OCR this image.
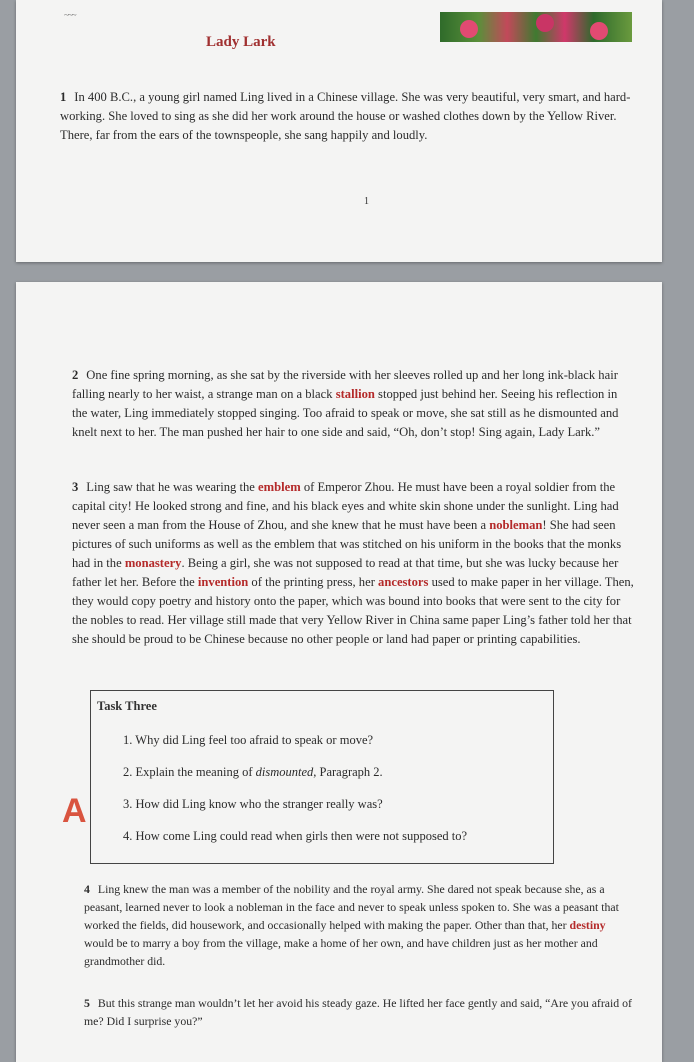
~~~
Lady Lark
1 In 400 B.C., a young girl named Ling lived in a Chinese village. She was very beautiful, very smart, and hard-working. She loved to sing as she did her work around the house or washed clothes down by the Yellow River. There, far from the ears of the townspeople, she sang happily and loudly.
1
2 One fine spring morning, as she sat by the riverside with her sleeves rolled up and her long ink-black hair falling nearly to her waist, a strange man on a black stallion stopped just behind her. Seeing his reflection in the water, Ling immediately stopped singing. Too afraid to speak or move, she sat still as he dismounted and knelt next to her. The man pushed her hair to one side and said, “Oh, don’t stop! Sing again, Lady Lark.”
3 Ling saw that he was wearing the emblem of Emperor Zhou. He must have been a royal soldier from the capital city! He looked strong and fine, and his black eyes and white skin shone under the sunlight. Ling had never seen a man from the House of Zhou, and she knew that he must have been a nobleman! She had seen pictures of such uniforms as well as the emblem that was stitched on his uniform in the books that the monks had in the monastery. Being a girl, she was not supposed to read at that time, but she was lucky because her father let her. Before the invention of the printing press, her ancestors used to make paper in her village. Then, they would copy poetry and history onto the paper, which was bound into books that were sent to the city for the nobles to read. Her village still made that very Yellow River in China same paper Ling’s father told her that she should be proud to be Chinese because no other people or land had paper or printing capabilities.
Task Three
1. Why did Ling feel too afraid to speak or move?
2. Explain the meaning of dismounted, Paragraph 2.
3. How did Ling know who the stranger really was?
4. How come Ling could read when girls then were not supposed to?
A
4 Ling knew the man was a member of the nobility and the royal army. She dared not speak because she, as a peasant, learned never to look a nobleman in the face and never to speak unless spoken to. She was a peasant that worked the fields, did housework, and occasionally helped with making the paper. Other than that, her destiny would be to marry a boy from the village, make a home of her own, and have children just as her mother and grandmother did.
5 But this strange man wouldn’t let her avoid his steady gaze. He lifted her face gently and said, “Are you afraid of me? Did I surprise you?”
